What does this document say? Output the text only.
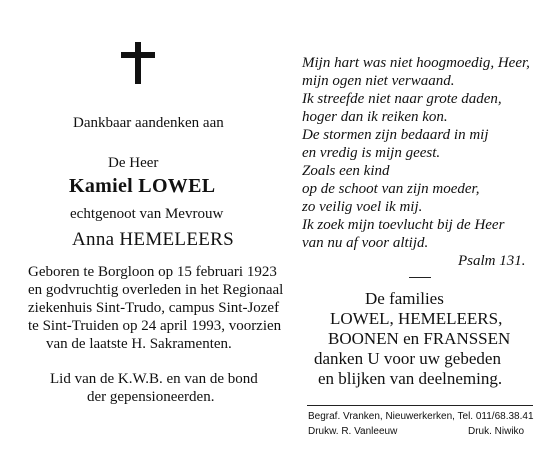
Dankbaar aandenken aan
De Heer
Kamiel LOWEL
echtgenoot van Mevrouw
Anna HEMELEERS
Geboren te Borgloon op 15 februari 1923
en godvruchtig overleden in het Regionaal
ziekenhuis Sint-Trudo, campus Sint-Jozef
te Sint-Truiden op 24 april 1993, voorzien
van de laatste H. Sakramenten.
Lid van de K.W.B. en van de bond
der gepensioneerden.
Mijn hart was niet hoogmoedig, Heer,
mijn ogen niet verwaand.
Ik streefde niet naar grote daden,
hoger dan ik reiken kon.
De stormen zijn bedaard in mij
en vredig is mijn geest.
Zoals een kind
op de schoot van zijn moeder,
zo veilig voel ik mij.
Ik zoek mijn toevlucht bij de Heer
van nu af voor altijd.
Psalm 131.
De families
LOWEL, HEMELEERS,
BOONEN en FRANSSEN
danken U voor uw gebeden
en blijken van deelneming.
Begraf. Vranken, Nieuwerkerken, Tel. 011/68.38.41
Drukw. R. Vanleeuw	Druk. Niwiko
